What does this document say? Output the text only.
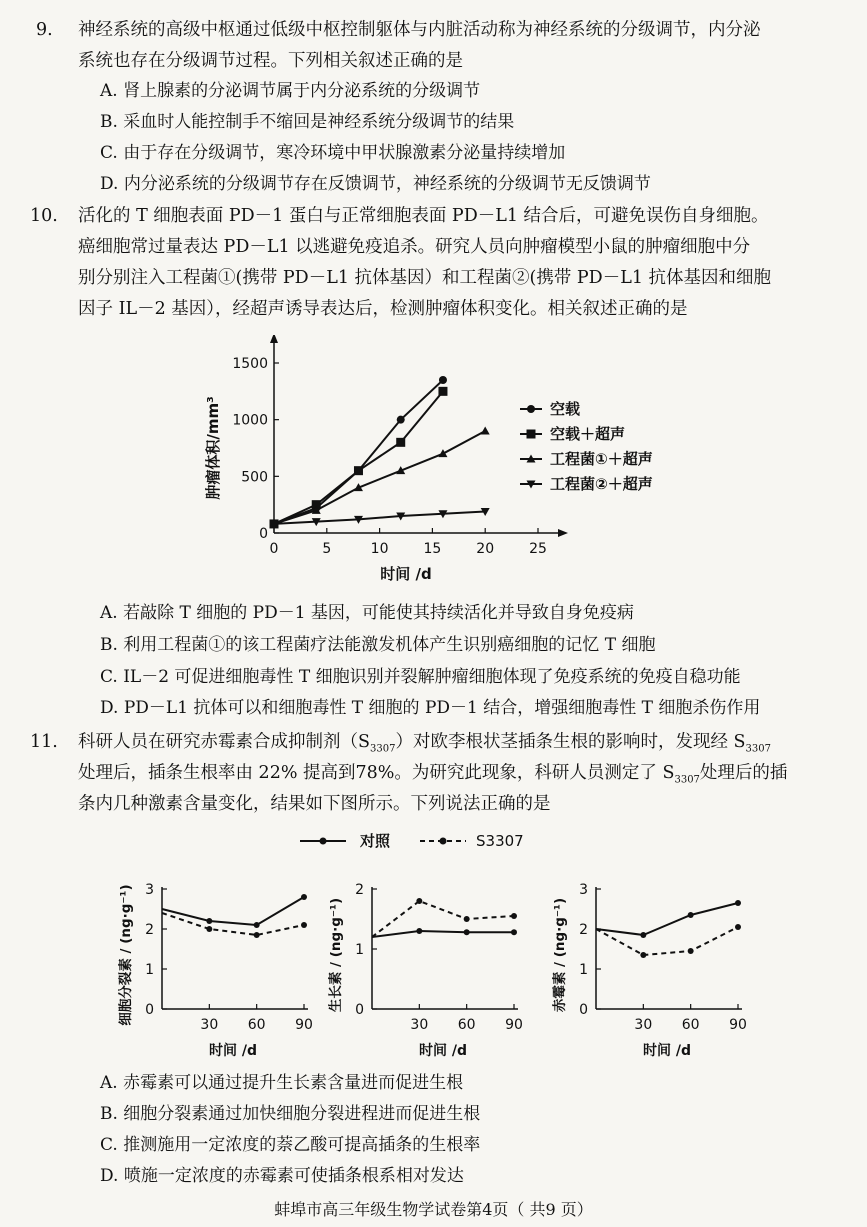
9. 神经系统的高级中枢通过低级中枢控制躯体与内脏活动称为神经系统的分级调节，内分泌
系统也存在分级调节过程。下列相关叙述正确的是
A. 肾上腺素的分泌调节属于内分泌系统的分级调节
B. 采血时人能控制手不缩回是神经系统分级调节的结果
C. 由于存在分级调节，寒冷环境中甲状腺激素分泌量持续增加
D. 内分泌系统的分级调节存在反馈调节，神经系统的分级调节无反馈调节
10. 活化的 T 细胞表面 PD－1 蛋白与正常细胞表面 PD－L1 结合后，可避免误伤自身细胞。
癌细胞常过量表达 PD－L1 以逃避免疫追杀。研究人员向肿瘤模型小鼠的肿瘤细胞中分
别分别注入工程菌①(携带 PD－L1 抗体基因）和工程菌②(携带 PD－L1 抗体基因和细胞
因子 IL－2 基因），经超声诱导表达后，检测肿瘤体积变化。相关叙述正确的是
0	5	10 15 20 25
0
500
1000
1500
时间 /d
肿瘤体积/mm³	空载
空载＋超声
工程菌①＋超声
工程菌②＋超声
A. 若敲除 T 细胞的 PD－1 基因，可能使其持续活化并导致自身免疫病
B. 利用工程菌①的该工程菌疗法能激发机体产生识别癌细胞的记忆 T 细胞
C. IL－2 可促进细胞毒性 T 细胞识别并裂解肿瘤细胞体现了免疫系统的免疫自稳功能
D. PD－L1 抗体可以和细胞毒性 T 细胞的 PD－1 结合，增强细胞毒性 T 细胞杀伤作用
11. 科研人员在研究赤霉素合成抑制剂$(S_{3307})$对欧李根状茎插条生根的影响时，发现经 $S_{3307}$
处理后，插条生根率由 22% 提高到78%。为研究此现象，科研人员测定了 $S_{3307}$处理后的插
条内几种激素含量变化，结果如下图所示。下列说法正确的是
对照	S3307
0
1
2
3
30 60 90
时间 /d
细胞分裂素 / (ng·g⁻¹)	0
1
2
30 60 90
时间 /d
生长素 / (ng·g⁻¹)	0
1
2
3
30 60 90
时间 /d
赤霉素 / (ng·g⁻¹)
A. 赤霉素可以通过提升生长素含量进而促进生根
B. 细胞分裂素通过加快细胞分裂进程进而促进生根
C. 推测施用一定浓度的萘乙酸可提高插条的生根率
D. 喷施一定浓度的赤霉素可使插条根系相对发达
蚌埠市高三年级生物学试卷第4页（ 共9 页）
